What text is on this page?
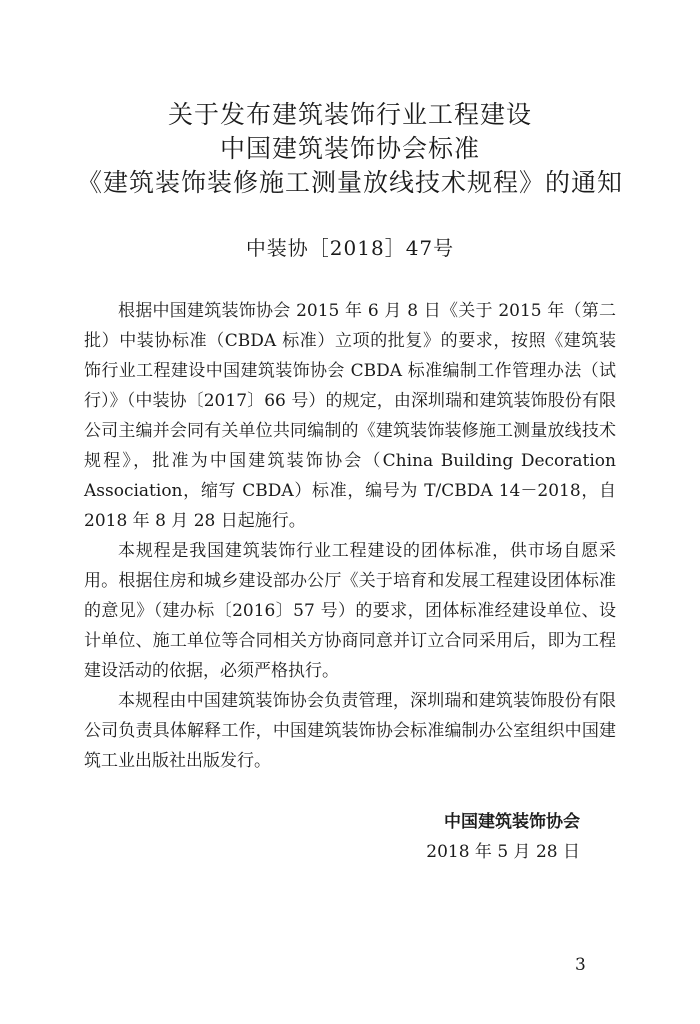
关于发布建筑装饰行业工程建设
中国建筑装饰协会标准
《建筑装饰装修施工测量放线技术规程》的通知
中装协［2018］47号

根据中国建筑装饰协会 2015 年 6 月 8 日《关于 2015 年（第二批）中装协标准（CBDA 标准）立项的批复》的要求，按照《建筑装饰行业工程建设中国建筑装饰协会 CBDA 标准编制工作管理办法（试行）》（中装协〔2017〕66 号）的规定，由深圳瑞和建筑装饰股份有限公司主编并会同有关单位共同编制的《建筑装饰装修施工测量放线技术规程》，批准为中国建筑装饰协会（China Building Decoration Association，缩写 CBDA）标准，编号为 T/CBDA 14－2018，自 2018 年 8 月 28 日起施行。

本规程是我国建筑装饰行业工程建设的团体标准，供市场自愿采用。根据住房和城乡建设部办公厅《关于培育和发展工程建设团体标准的意见》（建办标〔2016〕57 号）的要求，团体标准经建设单位、设计单位、施工单位等合同相关方协商同意并订立合同采用后，即为工程建设活动的依据，必须严格执行。

本规程由中国建筑装饰协会负责管理，深圳瑞和建筑装饰股份有限公司负责具体解释工作，中国建筑装饰协会标准编制办公室组织中国建筑工业出版社出版发行。

中国建筑装饰协会
2018 年 5 月 28 日
3
